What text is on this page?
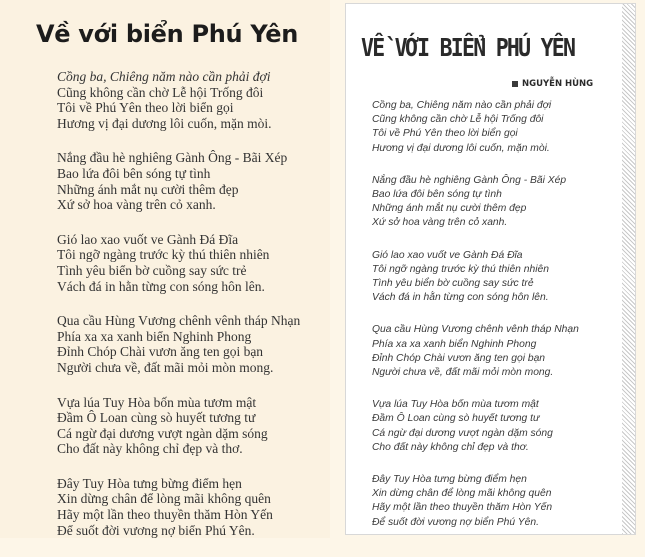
Về với biển Phú Yên
Cồng ba, Chiêng năm nào cần phải đợi
Cũng không cần chờ Lễ hội Trống đôi
Tôi về Phú Yên theo lời biển gọi
Hương vị đại dương lôi cuốn, mặn mòi.
Nắng đầu hè nghiêng Gành Ông - Bãi Xép
Bao lứa đôi bên sóng tự tình
Những ánh mắt nụ cười thêm đẹp
Xứ sở hoa vàng trên cỏ xanh.
Gió lao xao vuốt ve Gành Đá Đĩa
Tôi ngỡ ngàng trước kỳ thú thiên nhiên
Tình yêu biển bờ cuồng say sức trẻ
Vách đá in hằn từng con sóng hôn lên.
Qua cầu Hùng Vương chênh vênh tháp Nhạn
Phía xa xa xanh biển Nghinh Phong
Đỉnh Chóp Chài vươn ăng ten gọi bạn
Người chưa về, đất mãi mỏi mòn mong.
Vựa lúa Tuy Hòa bốn mùa tươm mật
Đầm Ô Loan cùng sò huyết tương tư
Cá ngừ đại dương vượt ngàn dặm sóng
Cho đất này không chỉ đẹp và thơ.
Đây Tuy Hòa tưng bừng điểm hẹn
Xin dừng chân để lòng mãi không quên
Hãy một lần theo thuyền thăm Hòn Yến
Để suốt đời vương nợ biển Phú Yên.
VỀ VỚI BIỂN PHÚ YÊN
NGUYỄN HÙNG
Cồng ba, Chiêng năm nào cần phải đợi
Cũng không cần chờ Lễ hội Trống đôi
Tôi về Phú Yên theo lời biển gọi
Hương vị đại dương lôi cuốn, mặn mòi.
Nắng đầu hè nghiêng Gành Ông - Bãi Xép
Bao lứa đôi bên sóng tự tình
Những ánh mắt nụ cười thêm đẹp
Xứ sở hoa vàng trên cỏ xanh.
Gió lao xao vuốt ve Gành Đá Đĩa
Tôi ngỡ ngàng trước kỳ thú thiên nhiên
Tình yêu biển bờ cuồng say sức trẻ
Vách đá in hằn từng con sóng hôn lên.
Qua cầu Hùng Vương chênh vênh tháp Nhạn
Phía xa xa xanh biển Nghinh Phong
Đỉnh Chóp Chài vươn ăng ten gọi bạn
Người chưa về, đất mãi mỏi mòn mong.
Vựa lúa Tuy Hòa bốn mùa tươm mật
Đầm Ô Loan cùng sò huyết tương tư
Cá ngừ đại dương vượt ngàn dặm sóng
Cho đất này không chỉ đẹp và thơ.
Đây Tuy Hòa tưng bừng điểm hẹn
Xin dừng chân để lòng mãi không quên
Hãy một lần theo thuyền thăm Hòn Yến
Để suốt đời vương nợ biển Phú Yên.
